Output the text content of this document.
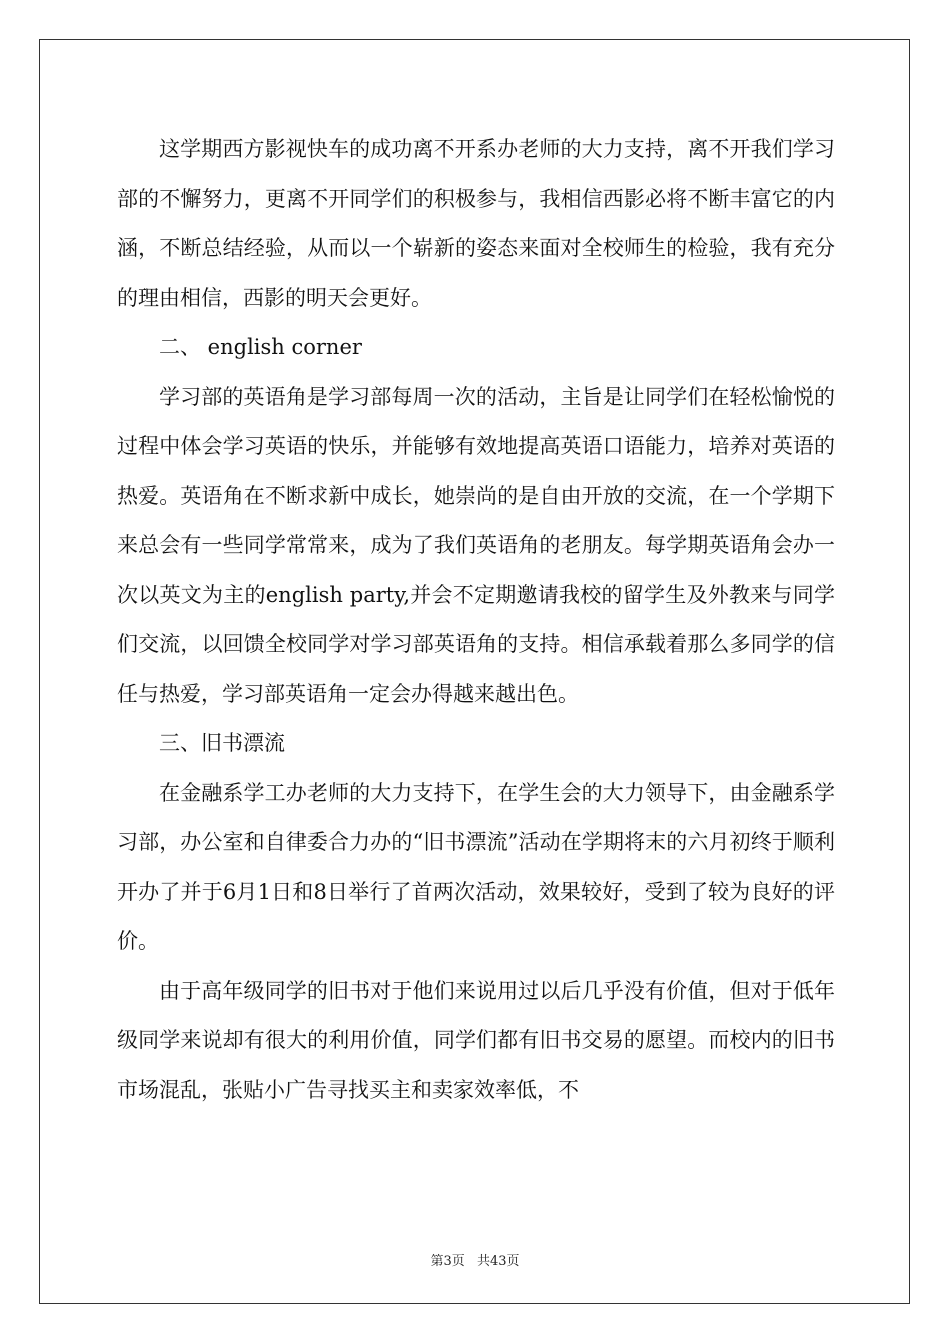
这学期西方影视快车的成功离不开系办老师的大力支持，离不开我们学习部的不懈努力，更离不开同学们的积极参与，我相信西影必将不断丰富它的内涵，不断总结经验，从而以一个崭新的姿态来面对全校师生的检验，我有充分的理由相信，西影的明天会更好。

二、 english corner

学习部的英语角是学习部每周一次的活动，主旨是让同学们在轻松愉悦的过程中体会学习英语的快乐，并能够有效地提高英语口语能力，培养对英语的热爱。英语角在不断求新中成长，她崇尚的是自由开放的交流，在一个学期下来总会有一些同学常常来，成为了我们英语角的老朋友。每学期英语角会办一次以英文为主的english party,并会不定期邀请我校的留学生及外教来与同学们交流，以回馈全校同学对学习部英语角的支持。相信承载着那么多同学的信任与热爱，学习部英语角一定会办得越来越出色。

三、旧书漂流

在金融系学工办老师的大力支持下，在学生会的大力领导下，由金融系学习部，办公室和自律委合力办的“旧书漂流”活动在学期将末的六月初终于顺利开办了并于6月1日和8日举行了首两次活动，效果较好，受到了较为良好的评价。

由于高年级同学的旧书对于他们来说用过以后几乎没有价值，但对于低年级同学来说却有很大的利用价值，同学们都有旧书交易的愿望。而校内的旧书市场混乱，张贴小广告寻找买主和卖家效率低，不

第3页 共43页
